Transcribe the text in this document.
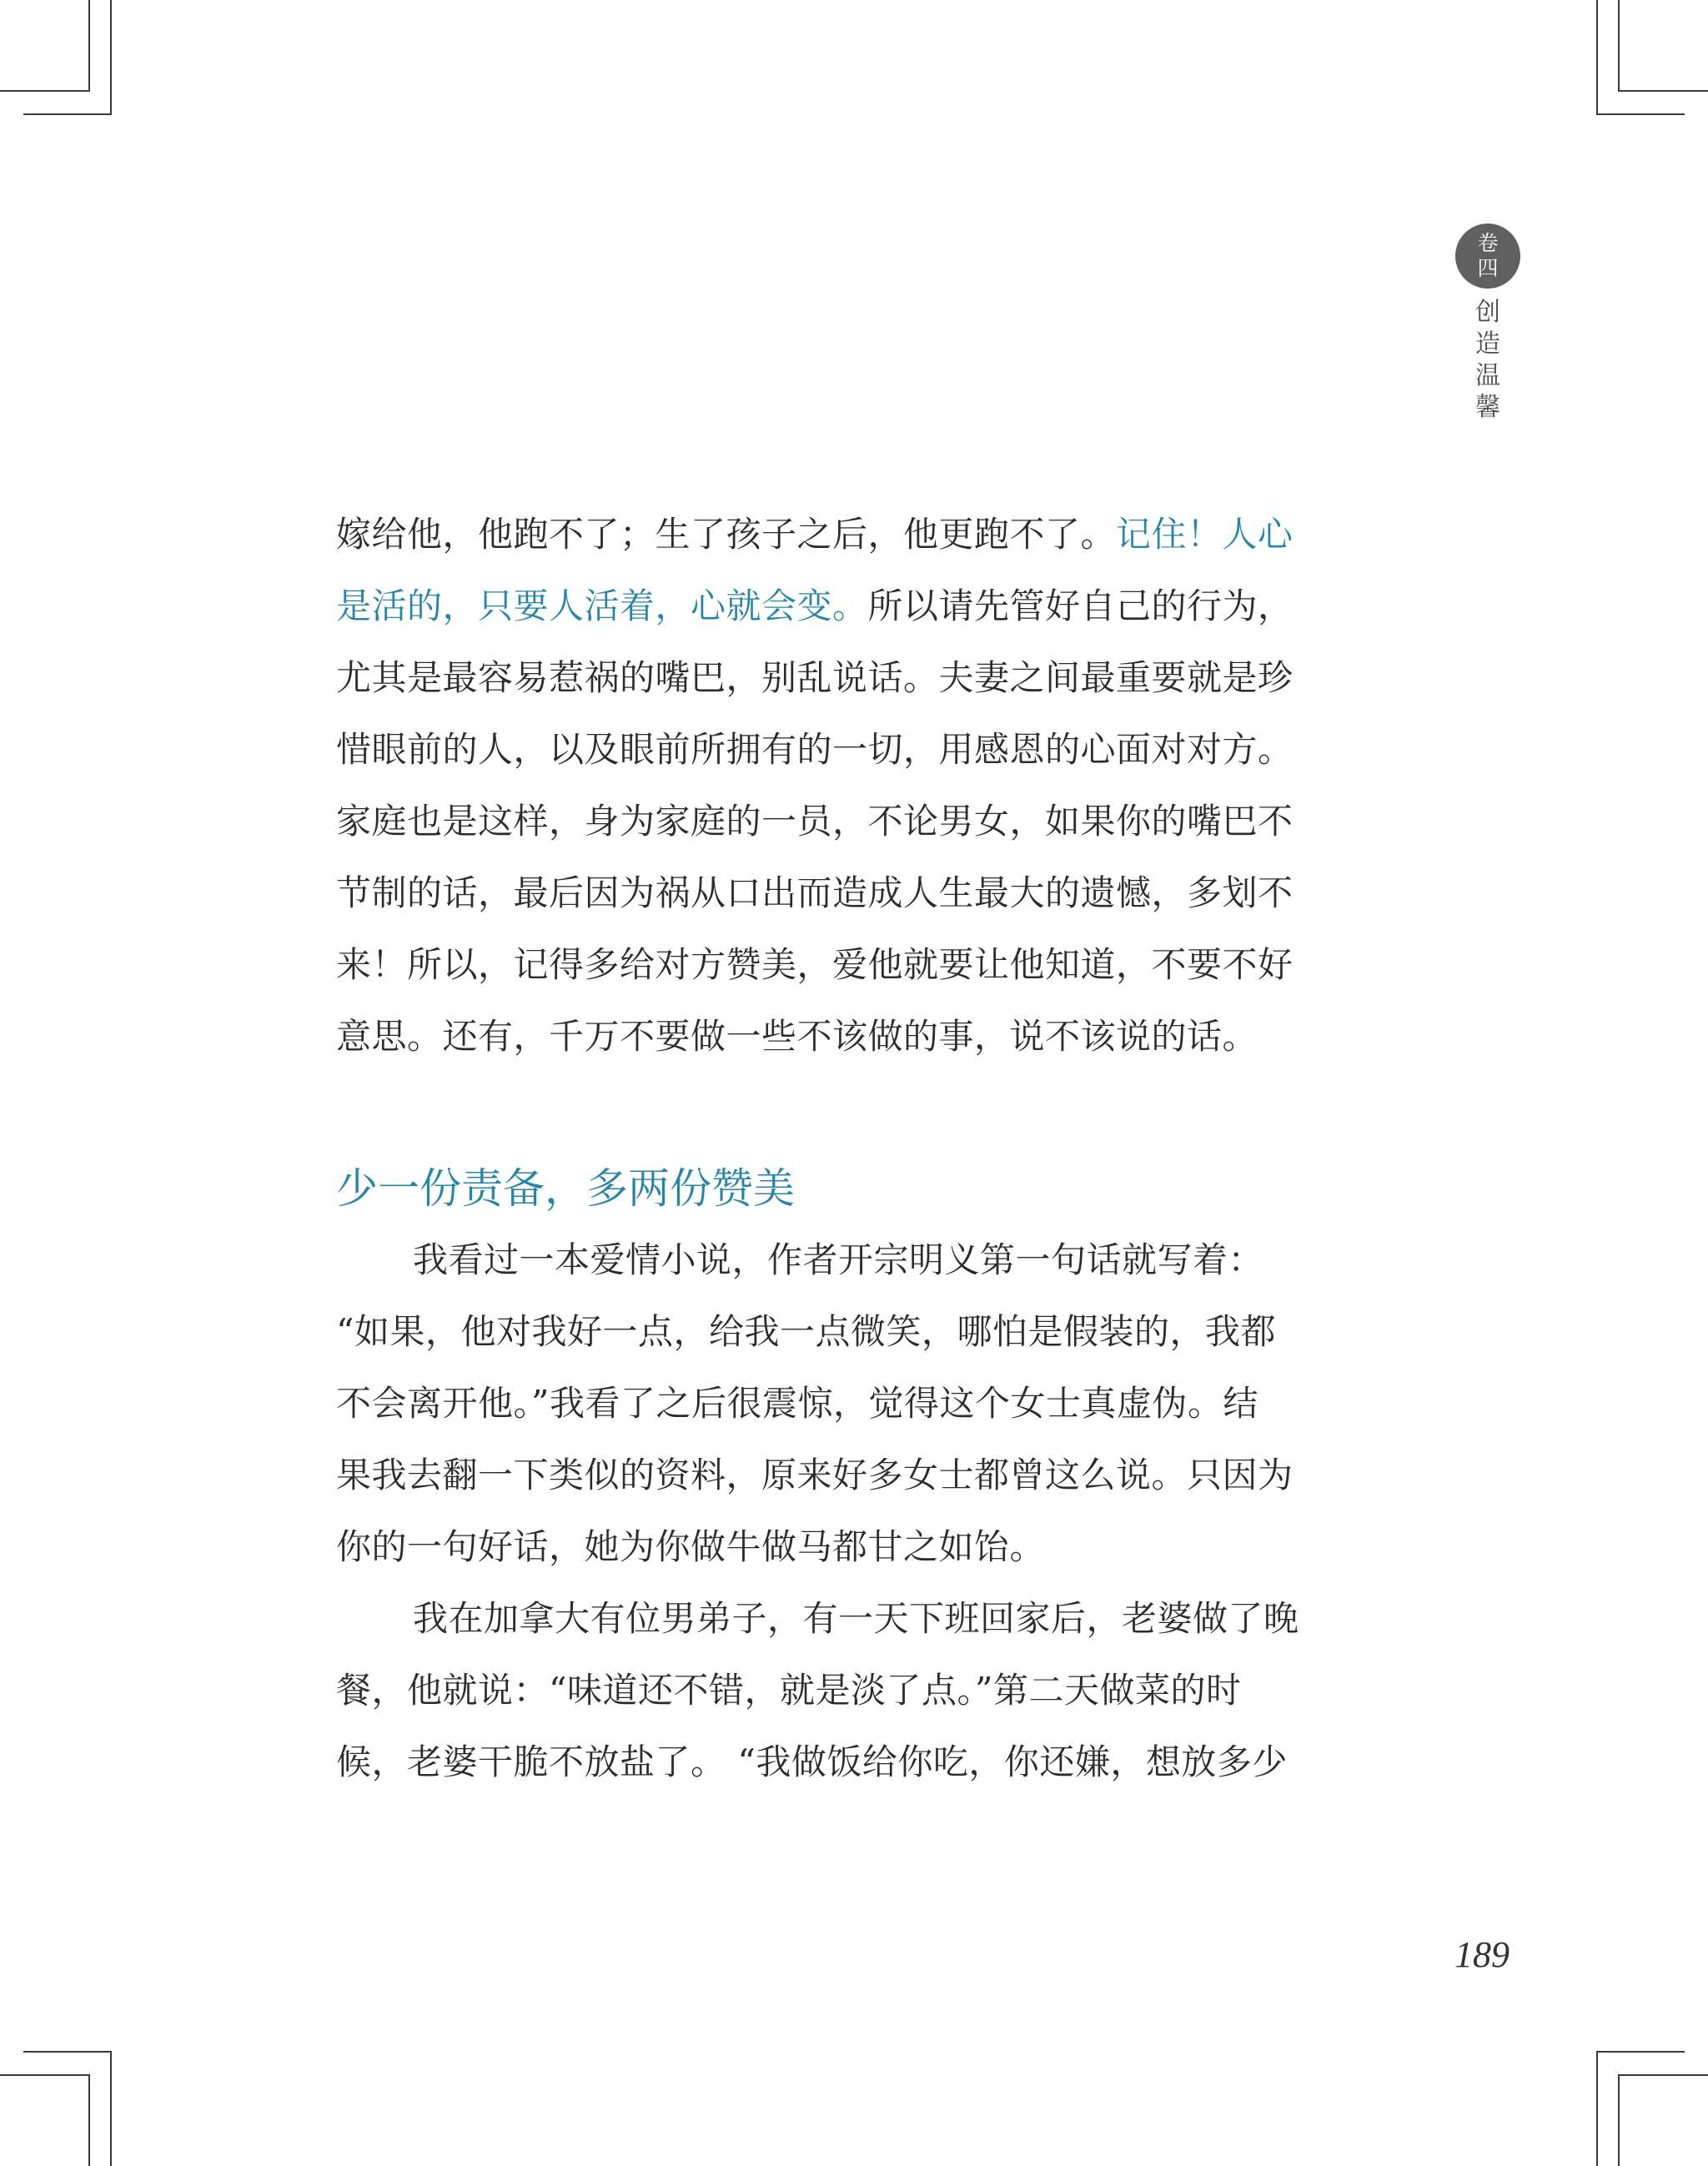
卷
四
创
造
温
馨
嫁给他，他跑不了；生了孩子之后，他更跑不了。记住！人心
是活的，只要人活着，心就会变。所以请先管好自己的行为，
尤其是最容易惹祸的嘴巴，别乱说话。夫妻之间最重要就是珍
惜眼前的人，以及眼前所拥有的一切，用感恩的心面对对方。
家庭也是这样，身为家庭的一员，不论男女，如果你的嘴巴不
节制的话，最后因为祸从口出而造成人生最大的遗憾，多划不
来！所以，记得多给对方赞美，爱他就要让他知道，不要不好
意思。还有，千万不要做一些不该做的事，说不该说的话。
少一份责备，多两份赞美
我看过一本爱情小说，作者开宗明义第一句话就写着：
“如果，他对我好一点，给我一点微笑，哪怕是假装的，我都
不会离开他。”我看了之后很震惊，觉得这个女士真虚伪。结
果我去翻一下类似的资料，原来好多女士都曾这么说。只因为
你的一句好话，她为你做牛做马都甘之如饴。
我在加拿大有位男弟子，有一天下班回家后，老婆做了晚
餐，他就说：“味道还不错，就是淡了点。”第二天做菜的时
候，老婆干脆不放盐了。 “我做饭给你吃，你还嫌，想放多少
189
